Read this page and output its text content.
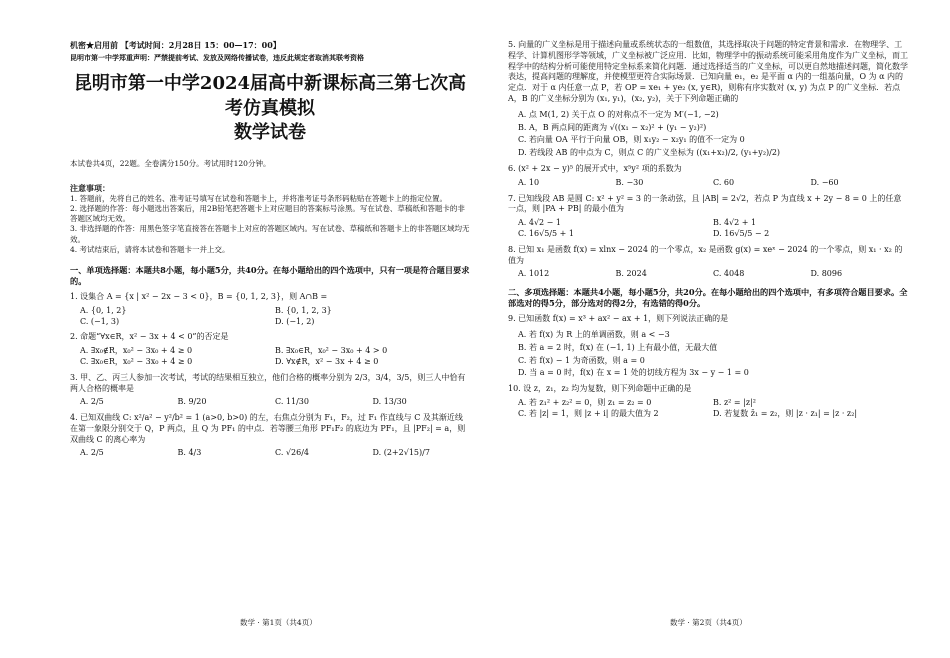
机密★启用前 【考试时间：2月28日 15：00—17：00】

昆明市第一中学郑重声明：严禁提前考试、发放及网络传播试卷，违反此规定者取消其联考资格

昆明市第一中学2024届高中新课标高三第七次高考仿真模拟

数学试卷

本试卷共4页，22题。全卷满分150分。考试用时120分钟。

注意事项：

1. 答题前，先将自己的姓名、准考证号填写在试卷和答题卡上，并将准考证号条形码粘贴在答题卡上的指定位置。

2. 选择题的作答：每小题选出答案后，用2B铅笔把答题卡上对应题目的答案标号涂黑。写在试卷、草稿纸和答题卡的非答题区域均无效。

3. 非选择题的作答：用黑色签字笔直接答在答题卡上对应的答题区域内。写在试卷、草稿纸和答题卡上的非答题区域均无效。

4. 考试结束后，请将本试卷和答题卡一并上交。

一、单项选择题：本题共8小题，每小题5分，共40分。在每小题给出的四个选项中，只有一项是符合题目要求的。

1. 设集合 A = {x | x² − 2x − 3 < 0}，B = {0, 1, 2, 3}，则 A∩B =

A. {0, 1, 2}	B. {0, 1, 2, 3}
C. (−1, 3)	D. (−1, 2)

2. 命题“∀x∈R，x² − 3x + 4 < 0”的否定是

A. ∃x₀∉R，x₀² − 3x₀ + 4 ≥ 0	B. ∃x₀∈R，x₀² − 3x₀ + 4 > 0
C. ∃x₀∈R，x₀² − 3x₀ + 4 ≥ 0	D. ∀x∉R，x² − 3x + 4 ≥ 0

3. 甲、乙、丙三人参加一次考试，考试的结果相互独立，他们合格的概率分别为 2/3，3/4，3/5，则三人中恰有两人合格的概率是

A. 2/5	B. 9/20	C. 11/30	D. 13/30

4. 已知双曲线 C: x²/a² − y²/b² = 1 (a>0, b>0) 的左，右焦点分别为 F₁，F₂，过 F₁ 作直线与 C 及其渐近线在第一象限分别交于 Q，P 两点，且 Q 为 PF₁ 的中点．若等腰三角形 PF₁F₂ 的底边为 PF₁，且 |PF₂| = a，则双曲线 C 的离心率为

A. 2/5	B. 4/3	C. √26/4	D. (2+2√15)/7
数学 · 第1页（共4页）

5. 向量的广义坐标是用于描述向量或系统状态的一组数值，其选择取决于问题的特定背景和需求．在物理学、工程学、计算机图形学等领域，广义坐标被广泛应用．比如，物理学中的振动系统可能采用角度作为广义坐标，而工程学中的结构分析可能使用特定坐标系来简化问题．通过选择适当的广义坐标，可以更自然地描述问题，简化数学表达，提高问题的理解度，并使模型更符合实际场景．已知向量 e₁，e₂ 是平面 α 内的一组基向量，O 为 α 内的定点．对于 α 内任意一点 P，若 OP = xe₁ + ye₂ (x, y∈R)，则称有序实数对 (x, y) 为点 P 的广义坐标．若点 A，B 的广义坐标分别为 (x₁, y₁)，(x₂, y₂)，关于下列命题正确的

A. 点 M(1, 2) 关于点 O 的对称点不一定为 M′(−1, −2)
B. A，B 两点间的距离为 √((x₁ − x₂)² + (y₁ − y₂)²)
C. 若向量 OA 平行于向量 OB，则 x₁y₂ − x₂y₁ 的值不一定为 0
D. 若线段 AB 的中点为 C，则点 C 的广义坐标为 ((x₁+x₂)/2, (y₁+y₂)/2)

6. (x² + 2x − y)⁵ 的展开式中，x⁵y² 项的系数为

A. 10	B. −30	C. 60	D. −60

7. 已知线段 AB 是圆 C: x² + y² = 3 的一条动弦，且 |AB| = 2√2，若点 P 为直线 x + 2y − 8 = 0 上的任意一点，则 |PA + PB| 的最小值为

A. 4√2 − 1	B. 4√2 + 1
C. 16√5/5 + 1	D. 16√5/5 − 2

8. 已知 x₁ 是函数 f(x) = xlnx − 2024 的一个零点，x₂ 是函数 g(x) = xeˣ − 2024 的一个零点，则 x₁ · x₂ 的值为

A. 1012	B. 2024	C. 4048	D. 8096

二、多项选择题：本题共4小题，每小题5分，共20分。在每小题给出的四个选项中，有多项符合题目要求。全部选对的得5分，部分选对的得2分，有选错的得0分。

9. 已知函数 f(x) = x³ + ax² − ax + 1，则下列说法正确的是

A. 若 f(x) 为 R 上的单调函数，则 a < −3
B. 若 a = 2 时，f(x) 在 (−1, 1) 上有最小值，无最大值
C. 若 f(x) − 1 为奇函数，则 a = 0
D. 当 a = 0 时，f(x) 在 x = 1 处的切线方程为 3x − y − 1 = 0

10. 设 z，z₁，z₂ 均为复数，则下列命题中正确的是

A. 若 z₁² + z₂² = 0，则 z₁ = z₂ = 0	B. z² = |z|²
C. 若 |z| = 1，则 |z + i| 的最大值为 2	D. 若复数 z̄₁ = z₂，则 |z · z₁| = |z · z₂|
数学 · 第2页（共4页）
